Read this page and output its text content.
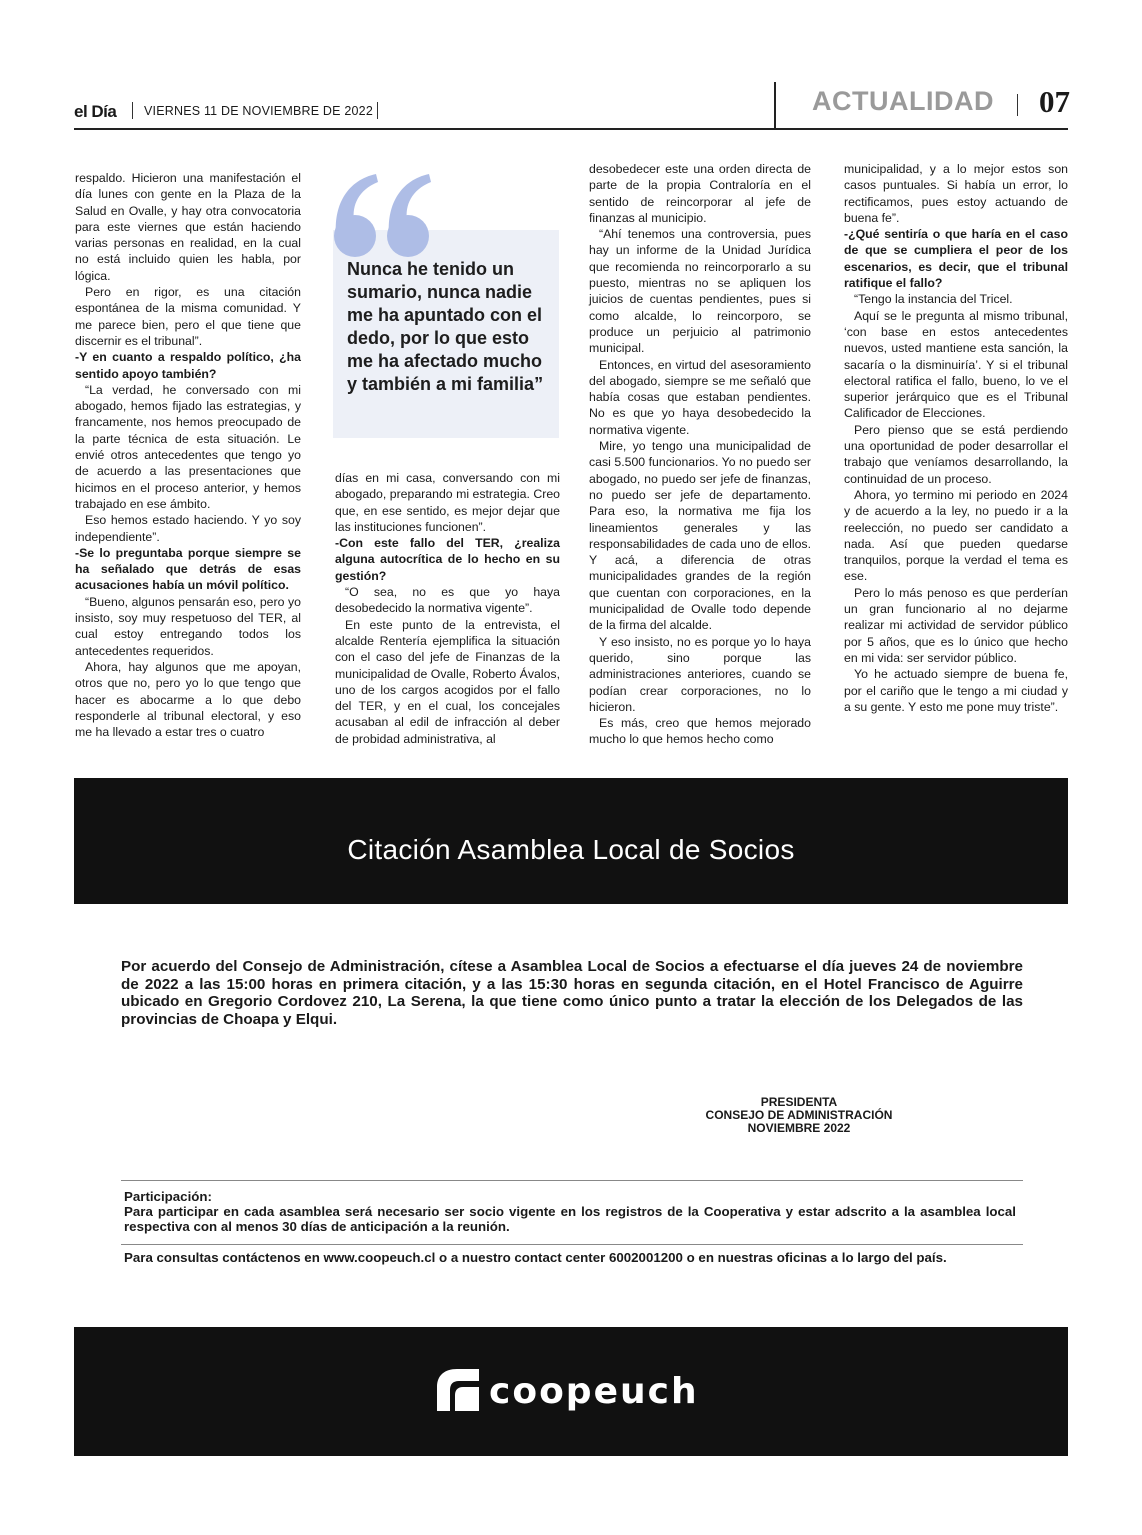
el Día VIERNES 11 DE NOVIEMBRE DE 2022	ACTUALIDAD 07

respaldo. Hicieron una manifestación el día lunes con gente en la Plaza de la Salud en Ovalle, y hay otra convocatoria para este viernes que están haciendo varias personas en realidad, en la cual no está incluido quien les habla, por lógica.

Pero en rigor, es una citación espontánea de la misma comunidad. Y me parece bien, pero el que tiene que discernir es el tribunal”.

-Y en cuanto a respaldo político, ¿ha sentido apoyo también?

“La verdad, he conversado con mi abogado, hemos fijado las estrategias, y francamente, nos hemos preocupado de la parte técnica de esta situación. Le envié otros antecedentes que tengo yo de acuerdo a las presentaciones que hicimos en el proceso anterior, y hemos trabajado en ese ámbito.

Eso hemos estado haciendo. Y yo soy independiente”.

-Se lo preguntaba porque siempre se ha señalado que detrás de esas acusaciones había un móvil político.

“Bueno, algunos pensarán eso, pero yo insisto, soy muy respetuoso del TER, al cual estoy entregando todos los antecedentes requeridos.

Ahora, hay algunos que me apoyan, otros que no, pero yo lo que tengo que hacer es abocarme a lo que debo responderle al tribunal electoral, y eso me ha llevado a estar tres o cuatro

Nunca he tenido un sumario, nunca nadie me ha apuntado con el dedo, por lo que esto me ha afectado mucho y también a mi familia”

días en mi casa, conversando con mi abogado, preparando mi estrategia. Creo que, en ese sentido, es mejor dejar que las instituciones funcionen”.

-Con este fallo del TER, ¿realiza alguna autocrítica de lo hecho en su gestión?

“O sea, no es que yo haya desobedecido la normativa vigente”.

En este punto de la entrevista, el alcalde Rentería ejemplifica la situación con el caso del jefe de Finanzas de la municipalidad de Ovalle, Roberto Ávalos, uno de los cargos acogidos por el fallo del TER, y en el cual, los concejales acusaban al edil de infracción al deber de probidad administrativa, al

desobedecer este una orden directa de parte de la propia Contraloría en el sentido de reincorporar al jefe de finanzas al municipio.

“Ahí tenemos una controversia, pues hay un informe de la Unidad Jurídica que recomienda no reincorporarlo a su puesto, mientras no se apliquen los juicios de cuentas pendientes, pues si como alcalde, lo reincorporo, se produce un perjuicio al patrimonio municipal.

Entonces, en virtud del asesoramiento del abogado, siempre se me señaló que había cosas que estaban pendientes. No es que yo haya desobedecido la normativa vigente.

Mire, yo tengo una municipalidad de casi 5.500 funcionarios. Yo no puedo ser abogado, no puedo ser jefe de finanzas, no puedo ser jefe de departamento. Para eso, la normativa me fija los lineamientos generales y las responsabilidades de cada uno de ellos. Y acá, a diferencia de otras municipalidades grandes de la región que cuentan con corporaciones, en la municipalidad de Ovalle todo depende de la firma del alcalde.

Y eso insisto, no es porque yo lo haya querido, sino porque las administraciones anteriores, cuando se podían crear corporaciones, no lo hicieron.

Es más, creo que hemos mejorado mucho lo que hemos hecho como

municipalidad, y a lo mejor estos son casos puntuales. Si había un error, lo rectificamos, pues estoy actuando de buena fe”.

-¿Qué sentiría o que haría en el caso de que se cumpliera el peor de los escenarios, es decir, que el tribunal ratifique el fallo?

“Tengo la instancia del Tricel.

Aquí se le pregunta al mismo tribunal, ‘con base en estos antecedentes nuevos, usted mantiene esta sanción, la sacaría o la disminuiría’. Y si el tribunal electoral ratifica el fallo, bueno, lo ve el superior jerárquico que es el Tribunal Calificador de Elecciones.

Pero pienso que se está perdiendo una oportunidad de poder desarrollar el trabajo que veníamos desarrollando, la continuidad de un proceso.

Ahora, yo termino mi periodo en 2024 y de acuerdo a la ley, no puedo ir a la reelección, no puedo ser candidato a nada. Así que pueden quedarse tranquilos, porque la verdad el tema es ese.

Pero lo más penoso es que perderían un gran funcionario al no dejarme realizar mi actividad de servidor público por 5 años, que es lo único que hecho en mi vida: ser servidor público.

Yo he actuado siempre de buena fe, por el cariño que le tengo a mi ciudad y a su gente. Y esto me pone muy triste”.

Citación Asamblea Local de Socios
Por acuerdo del Consejo de Administración, cítese a Asamblea Local de Socios a efectuarse el día jueves 24 de noviembre de 2022 a las 15:00 horas en primera citación, y a las 15:30 horas en segunda citación, en el Hotel Francisco de Aguirre ubicado en Gregorio Cordovez 210, La Serena, la que tiene como único punto a tratar la elección de los Delegados de las provincias de Choapa y Elqui.
PRESIDENTA
CONSEJO DE ADMINISTRACIÓN
NOVIEMBRE 2022
Participación:
Para participar en cada asamblea será necesario ser socio vigente en los registros de la Cooperativa y estar adscrito a la asamblea local respectiva con al menos 30 días de anticipación a la reunión.
Para consultas contáctenos en www.coopeuch.cl o a nuestro contact center 6002001200 o en nuestras oficinas a lo largo del país.
coopeuch
